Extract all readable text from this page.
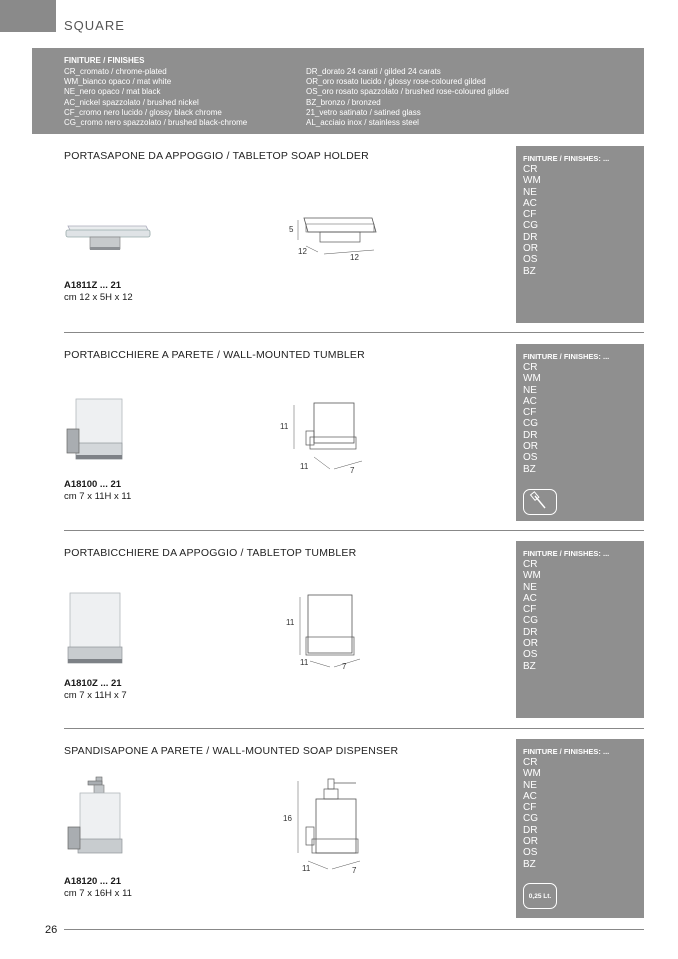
SQUARE
FINITURE / FINISHES
CR_cromato / chrome-plated
WM_bianco opaco / mat white
NE_nero opaco / mat black
AC_nickel spazzolato / brushed nickel
CF_cromo nero lucido / glossy black chrome
CG_cromo nero spazzolato / brushed black-chrome
DR_dorato 24 carati / gilded 24 carats
OR_oro rosato lucido / glossy rose-coloured gilded
OS_oro rosato spazzolato / brushed rose-coloured gilded
BZ_bronzo / bronzed
21_vetro satinato / satined glass
AL_acciaio inox / stainless steel
PORTASAPONE DA APPOGGIO / TABLETOP SOAP HOLDER
5
12
12
A1811Z ... 21
cm 12 x 5H x 12
FINITURE / FINISHES: ...
CR
WM
NE
AC
CF
CG
DR
OR
OS
BZ
PORTABICCHIERE A PARETE / WALL-MOUNTED TUMBLER
11
11	7
A18100 ... 21
cm 7 x 11H x 11
FINITURE / FINISHES: ...
CR
WM
NE
AC
CF
CG
DR
OR
OS
BZ
PORTABICCHIERE DA APPOGGIO / TABLETOP TUMBLER
11
11	7
A1810Z ... 21
cm 7 x 11H x 7
FINITURE / FINISHES: ...
CR
WM
NE
AC
CF
CG
DR
OR
OS
BZ
SPANDISAPONE A PARETE / WALL-MOUNTED SOAP DISPENSER
16
11	7
A18120 ... 21
cm 7 x 16H x 11
FINITURE / FINISHES: ...
CR
WM
NE
AC
CF
CG
DR
OR
OS
BZ
0,25 Lt.
26
